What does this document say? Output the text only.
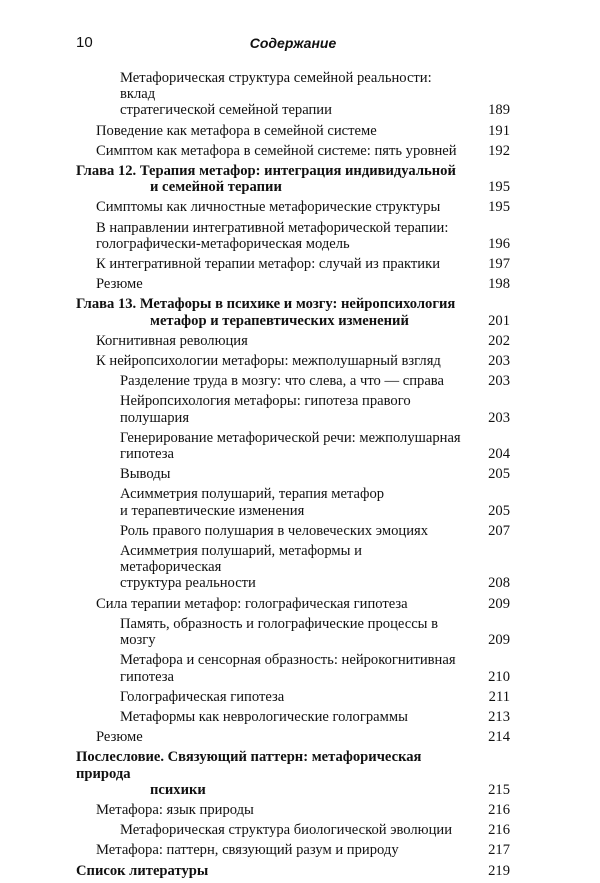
10	Содержание
Метафорическая структура семейной реальности: вклад
стратегической семейной терапии	189
Поведение как метафора в семейной системе	191
Симптом как метафора в семейной системе: пять уровней 192
Глава 12. Терапия метафор: интеграция индивидуальной
и семейной терапии	195
Симптомы как личностные метафорические структуры	195
В направлении интегративной метафорической терапии:
голографически-метафорическая модель	196
К интегративной терапии метафор: случай из практики	197
Резюме	198
Глава 13. Метафоры в психике и мозгу: нейропсихология
метафор и терапевтических изменений	201
Когнитивная революция	202
К нейропсихологии метафоры: межполушарный взгляд	203
Разделение труда в мозгу: что слева, а что — справа	203
Нейропсихология метафоры: гипотеза правого полушария	203
Генерирование метафорической речи: межполушарная
гипотеза	204
Выводы	205
Асимметрия полушарий, терапия метафор
и терапевтические изменения	205
Роль правого полушария в человеческих эмоциях	207
Асимметрия полушарий, метаформы и метафорическая
структура реальности	208
Сила терапии метафор: голографическая гипотеза	209
Память, образность и голографические процессы в мозгу	209
Метафора и сенсорная образность: нейрокогнитивная
гипотеза	210
Голографическая гипотеза	211
Метаформы как неврологические голограммы	213
Резюме	214
Послесловие. Связующий паттерн: метафорическая природа
психики	215
Метафора: язык природы	216
Метафорическая структура биологической эволюции 216
Метафора: паттерн, связующий разум и природу	217
Список литературы	219
